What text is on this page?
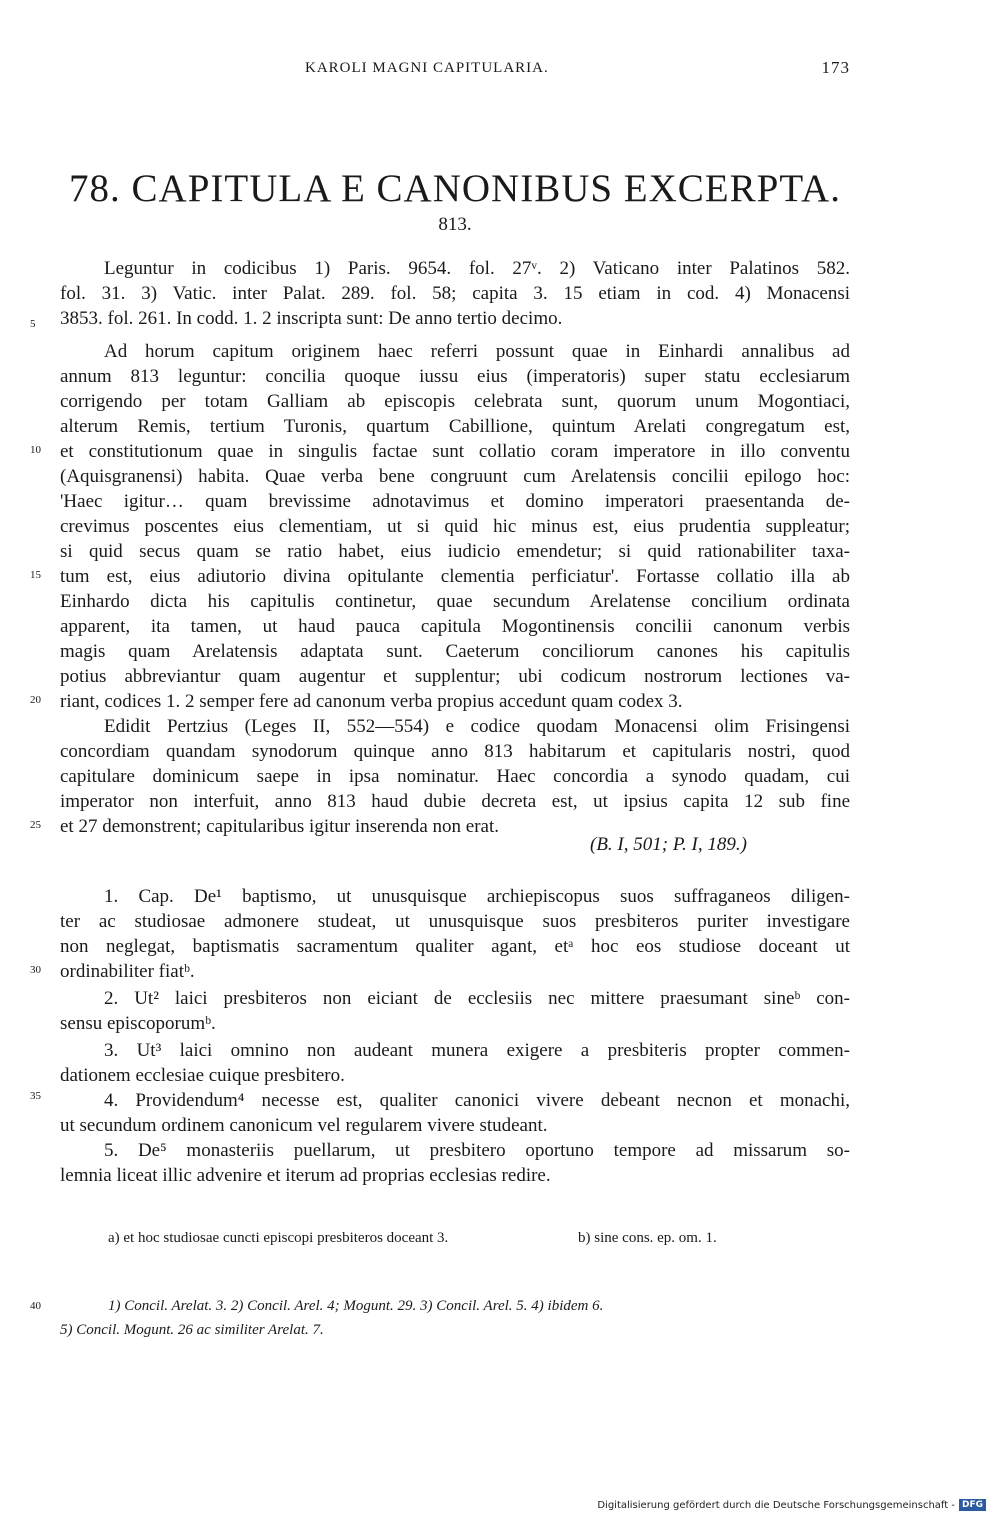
KAROLI MAGNI CAPITULARIA.	173
78. CAPITULA E CANONIBUS EXCERPTA.
813.
Leguntur in codicibus 1) Paris. 9654. fol. 27ᵛ. 2) Vaticano inter Palatinos 582.
fol. 31. 3) Vatic. inter Palat. 289. fol. 58; capita 3. 15 etiam in cod. 4) Monacensi
3853. fol. 261. In codd. 1. 2 inscripta sunt: De anno tertio decimo.
Ad horum capitum originem haec referri possunt quae in Einhardi annalibus ad
annum 813 leguntur: concilia quoque iussu eius (imperatoris) super statu ecclesiarum
corrigendo per totam Galliam ab episcopis celebrata sunt, quorum unum Mogontiaci,
alterum Remis, tertium Turonis, quartum Cabillione, quintum Arelati congregatum est,
et constitutionum quae in singulis factae sunt collatio coram imperatore in illo conventu
(Aquisgranensi) habita. Quae verba bene congruunt cum Arelatensis concilii epilogo hoc:
'Haec igitur… quam brevissime adnotavimus et domino imperatori praesentanda de-
crevimus poscentes eius clementiam, ut si quid hic minus est, eius prudentia suppleatur;
si quid secus quam se ratio habet, eius iudicio emendetur; si quid rationabiliter taxa-
tum est, eius adiutorio divina opitulante clementia perficiatur'. Fortasse collatio illa ab
Einhardo dicta his capitulis continetur, quae secundum Arelatense concilium ordinata
apparent, ita tamen, ut haud pauca capitula Mogontinensis concilii canonum verbis
magis quam Arelatensis adaptata sunt. Caeterum conciliorum canones his capitulis
potius abbreviantur quam augentur et supplentur; ubi codicum nostrorum lectiones va-
riant, codices 1. 2 semper fere ad canonum verba propius accedunt quam codex 3.
Edidit Pertzius (Leges II, 552—554) e codice quodam Monacensi olim Frisingensi
concordiam quandam synodorum quinque anno 813 habitarum et capitularis nostri, quod
capitulare dominicum saepe in ipsa nominatur. Haec concordia a synodo quadam, cui
imperator non interfuit, anno 813 haud dubie decreta est, ut ipsius capita 12 sub fine
et 27 demonstrent; capitularibus igitur inserenda non erat.
(B. I, 501; P. I, 189.)
1. Cap. De¹ baptismo, ut unusquisque archiepiscopus suos suffraganeos diligen-
ter ac studiosae admonere studeat, ut unusquisque suos presbiteros puriter investigare
non neglegat, baptismatis sacramentum qualiter agant, etᵃ hoc eos studiose doceant ut
ordinabiliter fiatᵇ.
2. Ut² laici presbiteros non eiciant de ecclesiis nec mittere praesumant sineᵇ con-
sensu episcoporumᵇ.
3. Ut³ laici omnino non audeant munera exigere a presbiteris propter commen-
dationem ecclesiae cuique presbitero.
4. Providendum⁴ necesse est, qualiter canonici vivere debeant necnon et monachi,
ut secundum ordinem canonicum vel regularem vivere studeant.
5. De⁵ monasteriis puellarum, ut presbitero oportuno tempore ad missarum so-
lemnia liceat illic advenire et iterum ad proprias ecclesias redire.
a) et hoc studiosae cuncti episcopi presbiteros doceant 3.	b) sine cons. ep. om. 1.
1) Concil. Arelat. 3. 2) Concil. Arel. 4; Mogunt. 29. 3) Concil. Arel. 5. 4) ibidem 6.
5) Concil. Mogunt. 26 ac similiter Arelat. 7.
5
10
15
20
25
30
35
40
Digitalisierung gefördert durch die Deutsche Forschungsgemeinschaft - DFG
